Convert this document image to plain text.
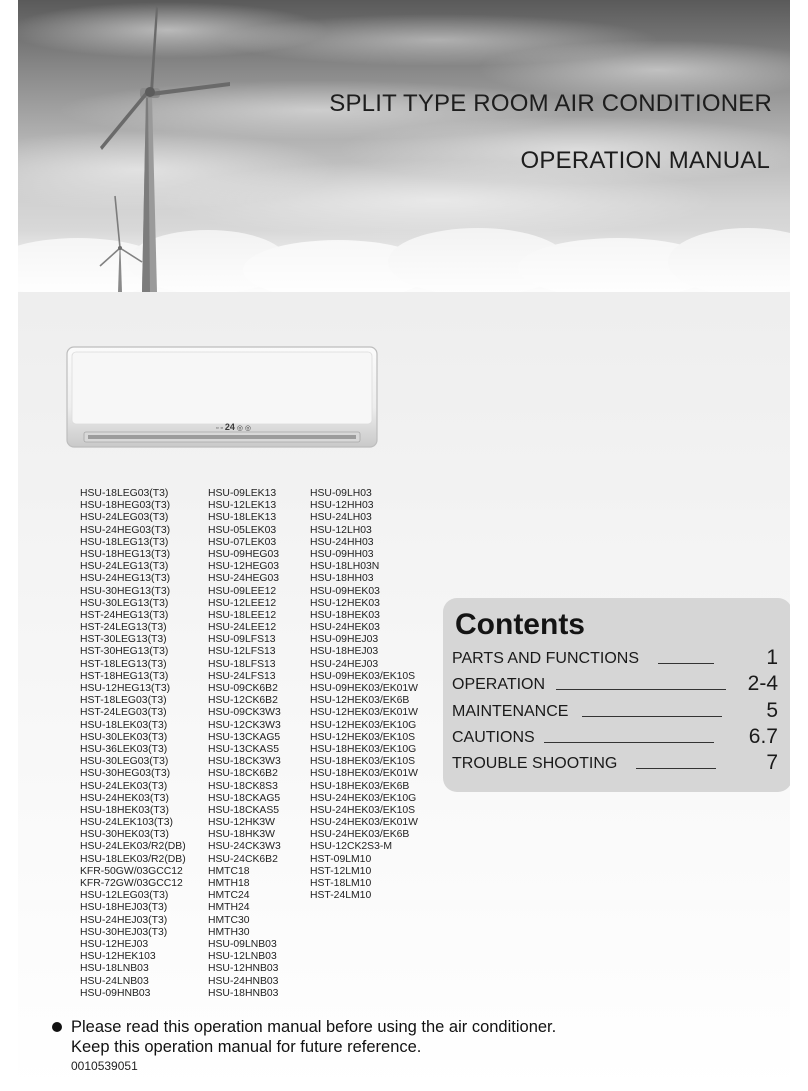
SPLIT TYPE ROOM AIR CONDITIONER
OPERATION MANUAL
▫ ▫ 24 ◎ ◎
HSU-18LEG03(T3)
HSU-18HEG03(T3)
HSU-24LEG03(T3)
HSU-24HEG03(T3)
HSU-18LEG13(T3)
HSU-18HEG13(T3)
HSU-24LEG13(T3)
HSU-24HEG13(T3)
HSU-30HEG13(T3)
HSU-30LEG13(T3)
HST-24HEG13(T3)
HST-24LEG13(T3)
HST-30LEG13(T3)
HST-30HEG13(T3)
HST-18LEG13(T3)
HST-18HEG13(T3)
HSU-12HEG13(T3)
HST-18LEG03(T3)
HST-24LEG03(T3)
HSU-18LEK03(T3)
HSU-30LEK03(T3)
HSU-36LEK03(T3)
HSU-30LEG03(T3)
HSU-30HEG03(T3)
HSU-24LEK03(T3)
HSU-24HEK03(T3)
HSU-18HEK03(T3)
HSU-24LEK103(T3)
HSU-30HEK03(T3)
HSU-24LEK03/R2(DB)
HSU-18LEK03/R2(DB)
KFR-50GW/03GCC12
KFR-72GW/03GCC12
HSU-12LEG03(T3)
HSU-18HEJ03(T3)
HSU-24HEJ03(T3)
HSU-30HEJ03(T3)
HSU-12HEJ03
HSU-12HEK103
HSU-18LNB03
HSU-24LNB03
HSU-09HNB03
HSU-09LEK13
HSU-12LEK13
HSU-18LEK13
HSU-05LEK03
HSU-07LEK03
HSU-09HEG03
HSU-12HEG03
HSU-24HEG03
HSU-09LEE12
HSU-12LEE12
HSU-18LEE12
HSU-24LEE12
HSU-09LFS13
HSU-12LFS13
HSU-18LFS13
HSU-24LFS13
HSU-09CK6B2
HSU-12CK6B2
HSU-09CK3W3
HSU-12CK3W3
HSU-13CKAG5
HSU-13CKAS5
HSU-18CK3W3
HSU-18CK6B2
HSU-18CK8S3
HSU-18CKAG5
HSU-18CKAS5
HSU-12HK3W
HSU-18HK3W
HSU-24CK3W3
HSU-24CK6B2
HMTC18
HMTH18
HMTC24
HMTH24
HMTC30
HMTH30
HSU-09LNB03
HSU-12LNB03
HSU-12HNB03
HSU-24HNB03
HSU-18HNB03
HSU-09LH03
HSU-12HH03
HSU-24LH03
HSU-12LH03
HSU-24HH03
HSU-09HH03
HSU-18LH03N
HSU-18HH03
HSU-09HEK03
HSU-12HEK03
HSU-18HEK03
HSU-24HEK03
HSU-09HEJ03
HSU-18HEJ03
HSU-24HEJ03
HSU-09HEK03/EK10S
HSU-09HEK03/EK01W
HSU-12HEK03/EK6B
HSU-12HEK03/EK01W
HSU-12HEK03/EK10G
HSU-12HEK03/EK10S
HSU-18HEK03/EK10G
HSU-18HEK03/EK10S
HSU-18HEK03/EK01W
HSU-18HEK03/EK6B
HSU-24HEK03/EK10G
HSU-24HEK03/EK10S
HSU-24HEK03/EK01W
HSU-24HEK03/EK6B
HSU-12CK2S3-M
HST-09LM10
HST-12LM10
HST-18LM10
HST-24LM10
Contents
PARTS AND FUNCTIONS	1
OPERATION	2-4
MAINTENANCE	5
CAUTIONS	6.7
TROUBLE SHOOTING	7
Please read this operation manual before using the air conditioner.
Keep this operation manual for future reference.
0010539051
